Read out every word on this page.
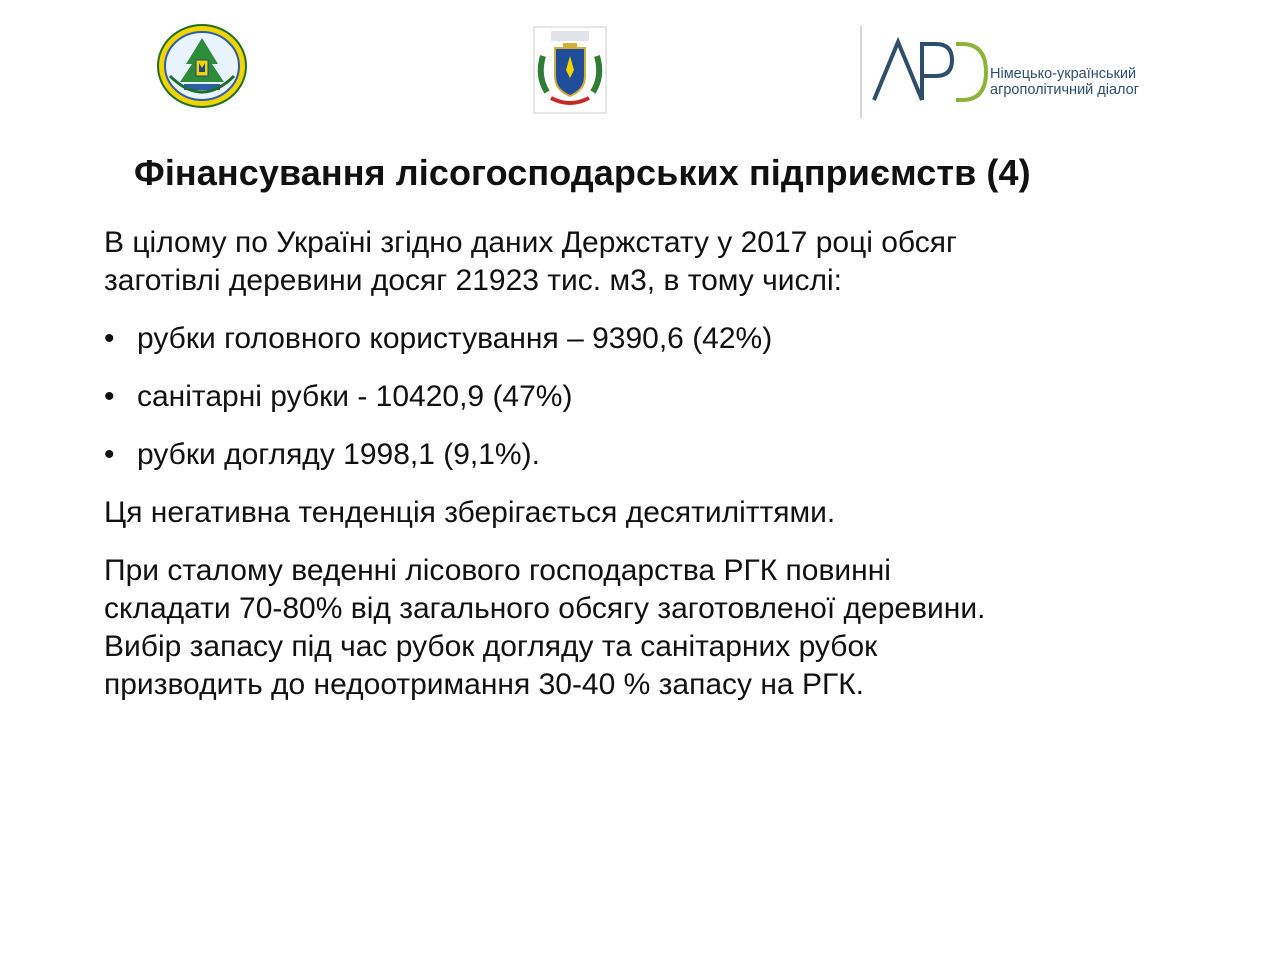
Німецько-український
агрополітичний діалог
Фінансування лісогосподарських підприємств (4)

В цілому по Україні згідно даних Держстату у 2017 році обсяг
заготівлі деревини досяг 21923 тис. м3, в тому числі:

• рубки головного користування – 9390,6 (42%)

• санітарні рубки - 10420,9 (47%)

• рубки догляду 1998,1 (9,1%).

Ця негативна тенденція зберігається десятиліттями.

При сталому веденні лісового господарства РГК повинні
складати 70-80% від загального обсягу заготовленої деревини.
Вибір запасу під час рубок догляду та санітарних рубок
призводить до недоотримання 30-40 % запасу на РГК.
